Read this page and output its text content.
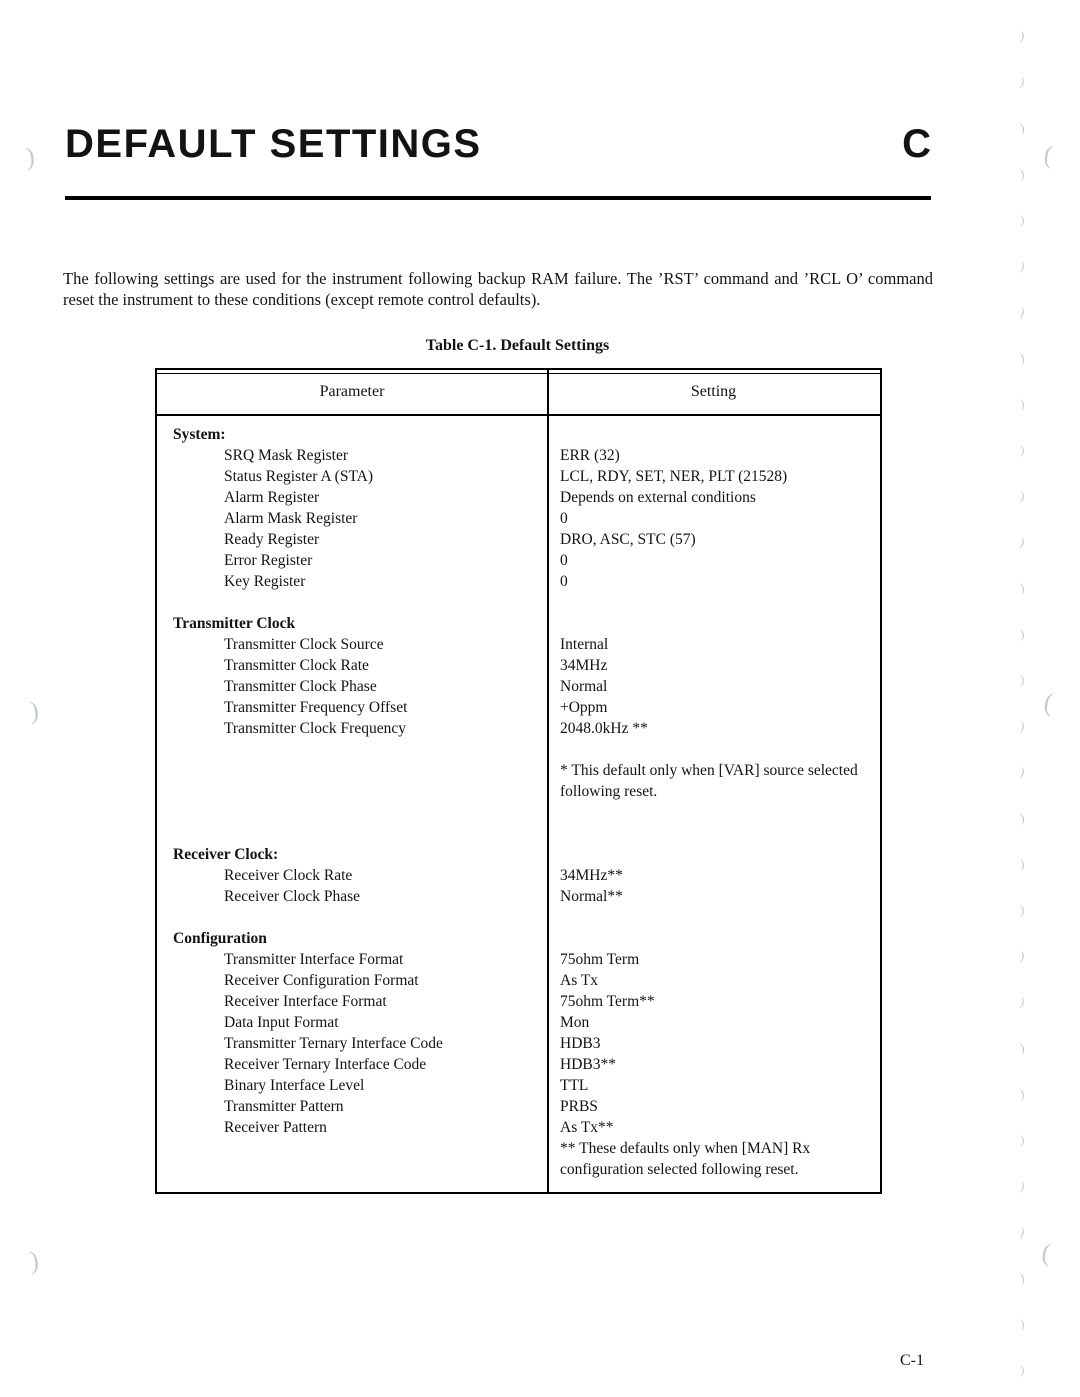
DEFAULT SETTINGS	C

The following settings are used for the instrument following backup RAM failure. The ’RST’ command and ’RCL O’ command reset the instrument to these conditions (except remote control defaults).

Table C-1. Default Settings
Parameter	Setting
System:
SRQ Mask Register	ERR (32)
Status Register A (STA)	LCL, RDY, SET, NER, PLT (21528)
Alarm Register	Depends on external conditions
Alarm Mask Register	0
Ready Register	DRO, ASC, STC (57)
Error Register	0
Key Register	0

Transmitter Clock
Transmitter Clock Source	Internal
Transmitter Clock Rate	34MHz
Transmitter Clock Phase	Normal
Transmitter Frequency Offset	+Oppm
Transmitter Clock Frequency	2048.0kHz **

* This default only when [VAR] source selected following reset.

Receiver Clock:
Receiver Clock Rate	34MHz**
Receiver Clock Phase	Normal**

Configuration
Transmitter Interface Format	75ohm Term
Receiver Configuration Format	As Tx
Receiver Interface Format	75ohm Term**
Data Input Format	Mon
Transmitter Ternary Interface Code	HDB3
Receiver Ternary Interface Code	HDB3**
Binary Interface Level	TTL
Transmitter Pattern	PRBS
Receiver Pattern	As Tx**

** These defaults only when [MAN] Rx configuration selected following reset.
C-1
)
)
)
)
)
)
)
)
)
)
)
)
)
)
)
)
)
)
)
)
)
)
)
)
)
)
)
)
)
)
(
(
(
)
)
)
